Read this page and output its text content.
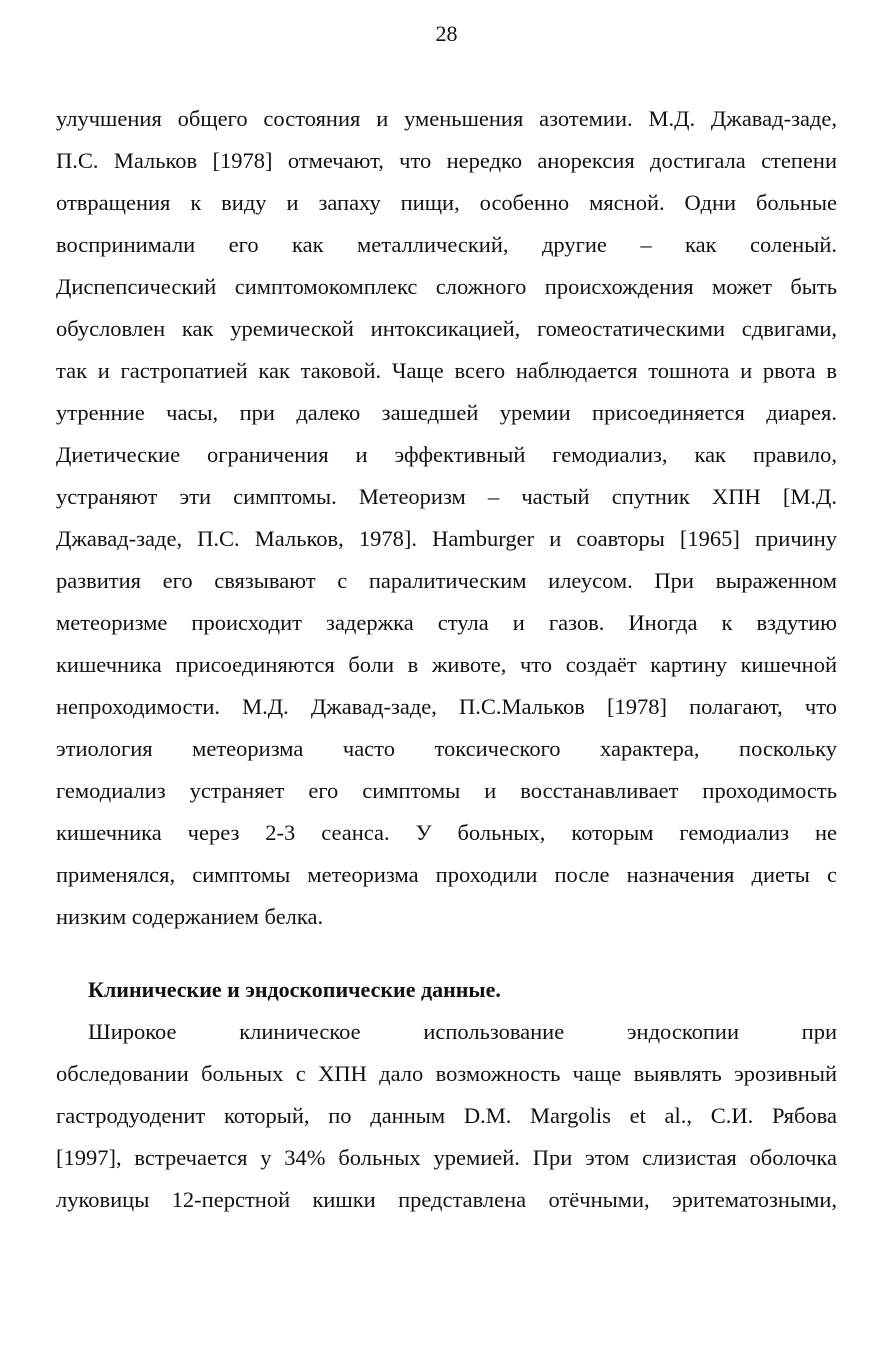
28
улучшения общего состояния и уменьшения азотемии. М.Д. Джавад-заде,
П.С. Мальков [1978] отмечают, что нередко анорексия достигала степени
отвращения к виду и запаху пищи, особенно мясной. Одни больные
воспринимали его как металлический, другие – как соленый.
Диспепсический симптомокомплекс сложного происхождения может быть
обусловлен как уремической интоксикацией, гомеостатическими сдвигами,
так и гастропатией как таковой. Чаще всего наблюдается тошнота и рвота в
утренние часы, при далеко зашедшей уремии присоединяется диарея.
Диетические ограничения и эффективный гемодиализ, как правило,
устраняют эти симптомы. Метеоризм – частый спутник ХПН [М.Д.
Джавад-заде, П.С. Мальков, 1978]. Hamburger и соавторы [1965] причину
развития его связывают с паралитическим илеусом. При выраженном
метеоризме происходит задержка стула и газов. Иногда к вздутию
кишечника присоединяются боли в животе, что создаёт картину кишечной
непроходимости. М.Д. Джавад-заде, П.С.Мальков [1978] полагают, что
этиология метеоризма часто токсического характера, поскольку
гемодиализ устраняет его симптомы и восстанавливает проходимость
кишечника через 2-3 сеанса. У больных, которым гемодиализ не
применялся, симптомы метеоризма проходили после назначения диеты с
низким содержанием белка.
Клинические и эндоскопические данные.
Широкое клиническое использование эндоскопии при
обследовании больных с ХПН дало возможность чаще выявлять эрозивный
гастродуоденит который, по данным D.M. Margolis et al., С.И. Рябова
[1997], встречается у 34% больных уремией. При этом слизистая оболочка
луковицы 12-перстной кишки представлена отёчными, эритематозными,
